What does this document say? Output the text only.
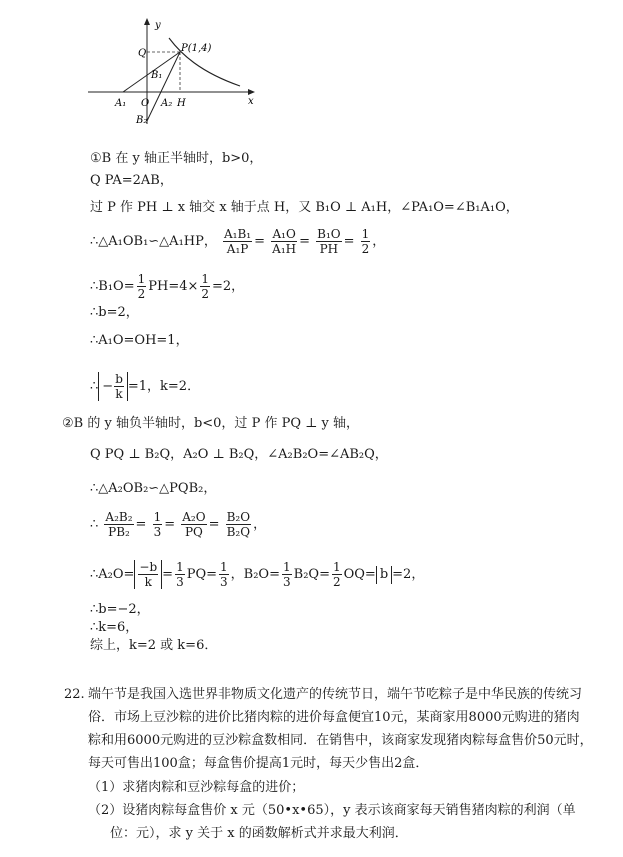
y
Q	P(1,4)
B₁
A₁ O A₂ H
B₂
x
①B 在 y 轴正半轴时，b>0，
Q PA=2AB，
过 P 作 PH ⊥ x 轴交 x 轴于点 H，又 B₁O ⊥ A₁H，∠PA₁O=∠B₁A₁O，
∴△A₁OB₁∽△A₁HP， $\frac{\text{A₁B₁}}{\text{A₁P}} = \frac{\text{A₁O}}{\text{A₁H}} = \frac{\text{B₁O}}{PH} = \frac{1}{2}$ ，
∴B₁O= $\frac{1}{2} PH=4\times \frac{1}{2} =2$，
∴b=2，
∴A₁O=OH=1，
∴ − $\frac{b}{k} =1$，k=2．
②B 的 y 轴负半轴时，b<0，过 P 作 PQ ⊥ y 轴，
Q PQ ⊥ B₂Q，A₂O ⊥ B₂Q，∠A₂B₂O=∠AB₂Q，
∴△A₂OB₂∽△PQB₂，
∴ $\frac{\text{A₂B₂}}{\text{PB₂}} = \frac{1}{3} = \frac{\text{A₂O}}{PQ} = \frac{\text{B₂O}}{\text{B₂Q}}$ ，
∴A₂O= $\frac{-b}{k} = \frac{1}{3} PQ= \frac{1}{3}$ ，$B_2O= \frac{1}{3} B_2Q= \frac{1}{2} OQ= b =2$，
∴b=−2，
∴k=6，
综上，k=2 或 k=6．
22. 端午节是我国入选世界非物质文化遗产的传统节日，端午节吃粽子是中华民族的传统习
俗．市场上豆沙粽的进价比猪肉粽的进价每盒便宜10元，某商家用8000元购进的猪肉
粽和用6000元购进的豆沙粽盒数相同．在销售中，该商家发现猪肉粽每盒售价50元时，
每天可售出100盒；每盒售价提高1元时，每天少售出2盒．
（1）求猪肉粽和豆沙粽每盒的进价；
（2）设猪肉粽每盒售价 x 元（50•x•65），y 表示该商家每天销售猪肉粽的利润（单
位：元），求 y 关于 x 的函数解析式并求最大利润．
